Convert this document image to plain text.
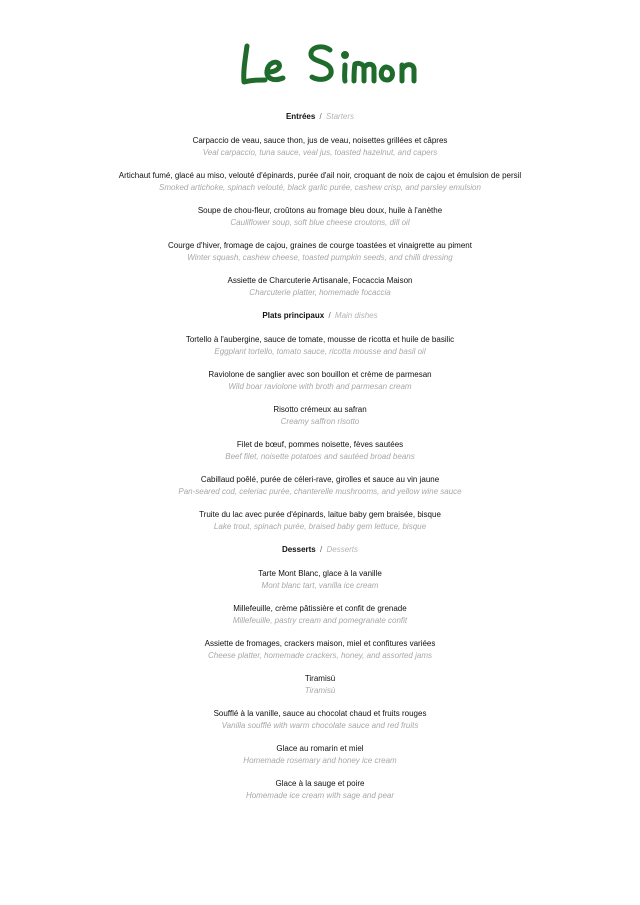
Entrées / Starters
Carpaccio de veau, sauce thon, jus de veau, noisettes grillées et câpres
Veal carpaccio, tuna sauce, veal jus, toasted hazelnut, and capers
Artichaut fumé, glacé au miso, velouté d'épinards, purée d'ail noir, croquant de noix de cajou et émulsion de persil
Smoked artichoke, spinach velouté, black garlic purée, cashew crisp, and parsley emulsion
Soupe de chou-fleur, croûtons au fromage bleu doux, huile à l'anèthe
Cauliflower soup, soft blue cheese croutons, dill oil
Courge d'hiver, fromage de cajou, graines de courge toastées et vinaigrette au piment
Winter squash, cashew cheese, toasted pumpkin seeds, and chilli dressing
Assiette de Charcuterie Artisanale, Focaccia Maison
Charcuterie platter, homemade focaccia
Plats principaux / Main dishes
Tortello à l'aubergine, sauce de tomate, mousse de ricotta et huile de basilic
Eggplant tortello, tomato sauce, ricotta mousse and basil oil
Raviolone de sanglier avec son bouillon et crème de parmesan
Wild boar raviolone with broth and parmesan cream
Risotto crémeux au safran
Creamy saffron risotto
Filet de bœuf, pommes noisette, fèves sautées
Beef filet, noisette potatoes and sautéed broad beans
Cabillaud poêlé, purée de céleri-rave, girolles et sauce au vin jaune
Pan-seared cod, celeriac purée, chanterelle mushrooms, and yellow wine sauce
Truite du lac avec purée d'épinards, laitue baby gem braisée, bisque
Lake trout, spinach purée, braised baby gem lettuce, bisque
Desserts / Desserts
Tarte Mont Blanc, glace à la vanille
Mont blanc tart, vanilla ice cream
Millefeuille, crème pâtissière et confit de grenade
Millefeuille, pastry cream and pomegranate confit
Assiette de fromages, crackers maison, miel et confitures variées
Cheese platter, homemade crackers, honey, and assorted jams
Tiramisù
Tiramisù
Soufflé à la vanille, sauce au chocolat chaud et fruits rouges
Vanilla soufflé with warm chocolate sauce and red fruits
Glace au romarin et miel
Homemade rosemary and honey ice cream
Glace à la sauge et poire
Homemade ice cream with sage and pear
